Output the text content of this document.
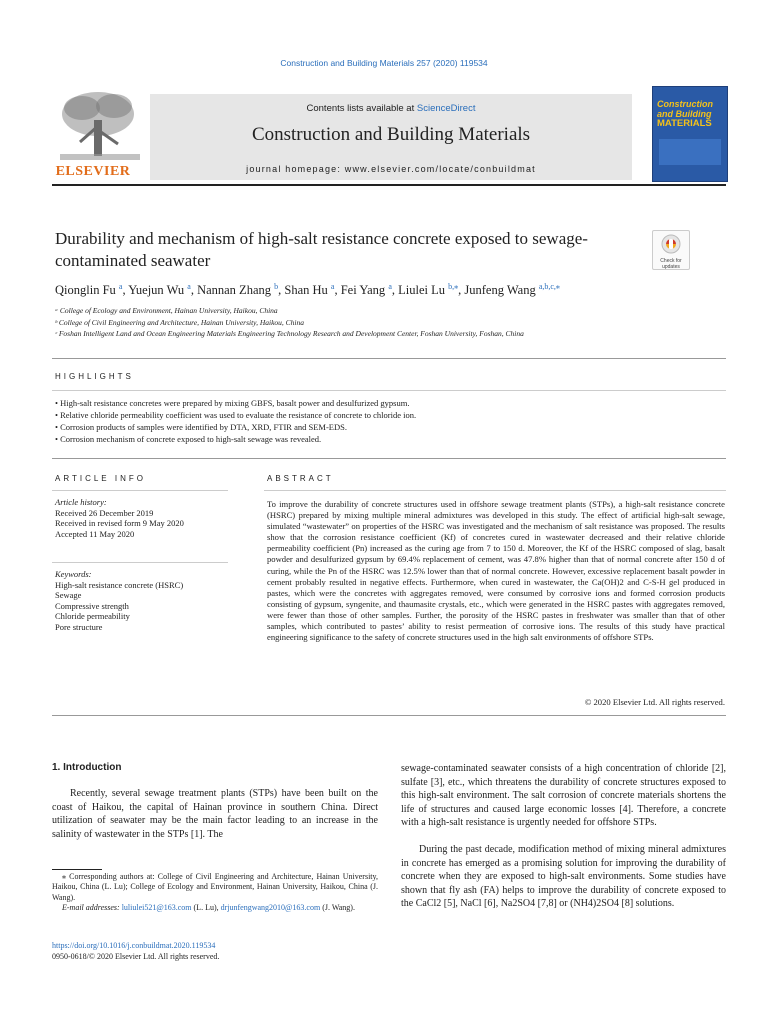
Construction and Building Materials 257 (2020) 119534
ELSEVIER
Contents lists available at ScienceDirect
Construction and Building Materials
journal homepage: www.elsevier.com/locate/conbuildmat
Construction
and Building
MATERIALS
Durability and mechanism of high-salt resistance concrete exposed to sewage-contaminated seawater	Check for
updates
Qionglin Fu $^a$, Yuejun Wu $^a$, Nannan Zhang $^b$, Shan Hu $^a$, Fei Yang $^a$, Liulei Lu $^{b,⁎}$, Junfeng Wang $^{a,b,c,⁎}$
ᵃ College of Ecology and Environment, Hainan University, Haikou, China
ᵇ College of Civil Engineering and Architecture, Hainan University, Haikou, China
ᶜ Foshan Intelligent Land and Ocean Engineering Materials Engineering Technology Research and Development Center, Foshan University, Foshan, China
HIGHLIGHTS
• High-salt resistance concretes were prepared by mixing GBFS, basalt power and desulfurized gypsum.
• Relative chloride permeability coefficient was used to evaluate the resistance of concrete to chloride ion.
• Corrosion products of samples were identified by DTA, XRD, FTIR and SEM-EDS.
• Corrosion mechanism of concrete exposed to high-salt sewage was revealed.
ARTICLE INFO
Article history:
Received 26 December 2019
Received in revised form 9 May 2020
Accepted 11 May 2020
Keywords:
High-salt resistance concrete (HSRC)
Sewage
Compressive strength
Chloride permeability
Pore structure
ABSTRACT
To improve the durability of concrete structures used in offshore sewage treatment plants (STPs), a high-salt resistance concrete (HSRC) prepared by mixing multiple mineral admixtures was developed in this study. The effect of artificial high-salt sewage, simulated “wastewater” on properties of the HSRC was investigated and the mechanism of salt resistance was proposed. The results show that the corrosion resistance coefficient (Kf) of concretes cured in wastewater decreased and their relative chloride permeability coefficient (Pn) increased as the curing age from 7 to 150 d. Moreover, the Kf of the HSRC composed of slag, basalt powder and desulfurized gypsum by 69.4% replacement of cement, was 47.8% higher than that of normal concrete after 150 d of curing, while the Pn of the HSRC was 12.5% lower than that of normal concrete. However, excessive replacement basalt powder in cement probably resulted in negative effects. Furthermore, when cured in wastewater, the Ca(OH)2 and C-S-H gel produced in pastes, which were the concretes with aggregates removed, were consumed by corrosive ions and formed corrosion products consisting of gypsum, syngenite, and thaumasite crystals, etc., which were generated in the HSRC pastes with aggregates removed, were fewer than those of other samples. Further, the porosity of the HSRC pastes in freshwater was smaller than that of other samples, which contributed to pastes’ ability to resist permeation of corrosive ions. The results of this study have practical engineering significance to the safety of concrete structures used in the high salt environments of offshore STPs.
© 2020 Elsevier Ltd. All rights reserved.
1. Introduction
Recently, several sewage treatment plants (STPs) have been built on the coast of Haikou, the capital of Hainan province in southern China. Direct utilization of seawater may be the main factor leading to an increase in the salinity of wastewater in the STPs [1]. The
sewage-contaminated seawater consists of a high concentration of chloride [2], sulfate [3], etc., which threatens the durability of concrete structures exposed to this high-salt environment. The salt corrosion of concrete materials shortens the life of structures and caused large economic losses [4]. Therefore, a concrete with a high-salt resistance is urgently needed for offshore STPs.
During the past decade, modification method of mixing mineral admixtures in concrete has emerged as a promising solution for improving the durability of concrete when they are exposed to high-salt environments. Some studies have shown that fly ash (FA) helps to improve the durability of concrete exposed to the CaCl2 [5], NaCl [6], Na2SO4 [7,8] or (NH4)2SO4 [8] solutions.
⁎ Corresponding authors at: College of Civil Engineering and Architecture, Hainan University, Haikou, China (L. Lu); College of Ecology and Environment, Hainan University, Haikou, China (J. Wang).
E-mail addresses: luliulei521@163.com (L. Lu), drjunfengwang2010@163.com (J. Wang).
https://doi.org/10.1016/j.conbuildmat.2020.119534
0950-0618/© 2020 Elsevier Ltd. All rights reserved.
